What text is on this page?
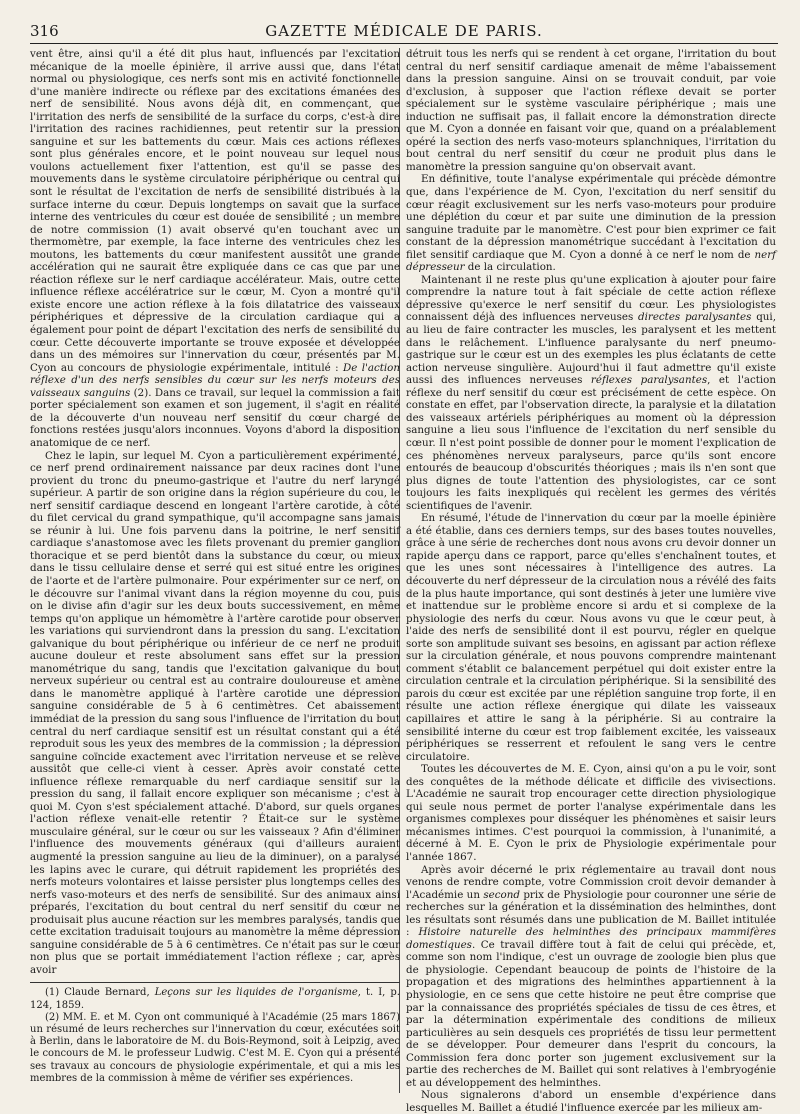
316	GAZETTE MÉDICALE DE PARIS.

vent être, ainsi qu'il a été dit plus haut, influencés par l'excitation mécanique de la moelle épinière, il arrive aussi que, dans l'état normal ou physiologique, ces nerfs sont mis en activité fonctionnelle d'une manière indirecte ou réflexe par des excitations émanées des nerf de sensibilité. Nous avons déjà dit, en commençant, que l'irritation des nerfs de sensibilité de la surface du corps, c'est-à dire l'irritation des racines rachidiennes, peut retentir sur la pression sanguine et sur les battements du cœur. Mais ces actions réflexes sont plus générales encore, et le point nouveau sur lequel nous voulons actuellement fixer l'attention, est qu'il se passe des mouvements dans le système circulatoire périphérique ou central qui sont le résultat de l'excitation de nerfs de sensibilité distribués à la surface interne du cœur. Depuis longtemps on savait que la surface interne des ventricules du cœur est douée de sensibilité ; un membre de notre commission (1) avait observé qu'en touchant avec un thermomètre, par exemple, la face interne des ventricules chez les moutons, les battements du cœur manifestent aussitôt une grande accélération qui ne saurait être expliquée dans ce cas que par une réaction réflexe sur le nerf cardiaque accélérateur. Mais, outre cette influence réflexe accélératrice sur le cœur, M. Cyon a montré qu'il existe encore une action réflexe à la fois dilatatrice des vaisseaux périphériques et dépressive de la circulation cardiaque qui a également pour point de départ l'excitation des nerfs de sensibilité du cœur. Cette découverte importante se trouve exposée et développée dans un des mémoires sur l'innervation du cœur, présentés par M. Cyon au concours de physiologie expérimentale, intitulé : De l'action réflexe d'un des nerfs sensibles du cœur sur les nerfs moteurs des vaisseaux sanguins (2). Dans ce travail, sur lequel la commission a fait porter spécialement son examen et son jugement, il s'agit en réalité de la découverte d'un nouveau nerf sensitif du cœur chargé de fonctions restées jusqu'alors inconnues. Voyons d'abord la disposition anatomique de ce nerf.

Chez le lapin, sur lequel M. Cyon a particulièrement expérimenté, ce nerf prend ordinairement naissance par deux racines dont l'une provient du tronc du pneumo-gastrique et l'autre du nerf laryngé supérieur. A partir de son origine dans la région supérieure du cou, le nerf sensitif cardiaque descend en longeant l'artère carotide, à côté du filet cervical du grand sympathique, qu'il accompagne sans jamais se réunir à lui. Une fois parvenu dans la poitrine, le nerf sensitif cardiaque s'anastomose avec les filets provenant du premier ganglion thoracique et se perd bientôt dans la substance du cœur, ou mieux dans le tissu cellulaire dense et serré qui est situé entre les origines de l'aorte et de l'artère pulmonaire. Pour expérimenter sur ce nerf, on le découvre sur l'animal vivant dans la région moyenne du cou, puis on le divise afin d'agir sur les deux bouts successivement, en même temps qu'on applique un hémomètre à l'artère carotide pour observer les variations qui surviendront dans la pression du sang. L'excitation galvanique du bout périphérique ou inférieur de ce nerf ne produit aucune douleur et reste absolument sans effet sur la pression manométrique du sang, tandis que l'excitation galvanique du bout nerveux supérieur ou central est au contraire douloureuse et amène dans le manomètre appliqué à l'artère carotide une dépression sanguine considérable de 5 à 6 centimètres. Cet abaissement immédiat de la pression du sang sous l'influence de l'irritation du bout central du nerf cardiaque sensitif est un résultat constant qui a été reproduit sous les yeux des membres de la commission ; la dépression sanguine coïncide exactement avec l'irritation nerveuse et se relève aussitôt que celle-ci vient à cesser. Après avoir constaté cette influence réflexe remarquable du nerf cardiaque sensitif sur la pression du sang, il fallait encore expliquer son mécanisme ; c'est à quoi M. Cyon s'est spécialement attaché. D'abord, sur quels organes l'action réflexe venait-elle retentir ? Était-ce sur le système musculaire général, sur le cœur ou sur les vaisseaux ? Afin d'éliminer l'influence des mouvements généraux (qui d'ailleurs auraient augmenté la pression sanguine au lieu de la diminuer), on a paralysé les lapins avec le curare, qui détruit rapidement les propriétés des nerfs moteurs volontaires et laisse persister plus longtemps celles des nerfs vaso-moteurs et des nerfs de sensibilité. Sur des animaux ainsi préparés, l'excitation du bout central du nerf sensitif du cœur ne produisait plus aucune réaction sur les membres paralysés, tandis que cette excitation traduisait toujours au manomètre la même dépression sanguine considérable de 5 à 6 centimètres. Ce n'était pas sur le cœur non plus que se portait immédiatement l'action réflexe ; car, après avoir

(1) Claude Bernard, Leçons sur les liquides de l'organisme, t. I, p. 124, 1859.

(2) MM. E. et M. Cyon ont communiqué à l'Académie (25 mars 1867) un résumé de leurs recherches sur l'innervation du cœur, exécutées soit à Berlin, dans le laboratoire de M. du Bois-Reymond, soit à Leipzig, avec le concours de M. le professeur Ludwig. C'est M. E. Cyon qui a présenté ses travaux au concours de physiologie expérimentale, et qui a mis les membres de la commission à même de vérifier ses expériences.

détruit tous les nerfs qui se rendent à cet organe, l'irritation du bout central du nerf sensitif cardiaque amenait de même l'abaissement dans la pression sanguine. Ainsi on se trouvait conduit, par voie d'exclusion, à supposer que l'action réflexe devait se porter spécialement sur le système vasculaire périphérique ; mais une induction ne suffisait pas, il fallait encore la démonstration directe que M. Cyon a donnée en faisant voir que, quand on a préalablement opéré la section des nerfs vaso-moteurs splanchniques, l'irritation du bout central du nerf sensitif du cœur ne produit plus dans le manomètre la pression sanguine qu'on observait avant.

En définitive, toute l'analyse expérimentale qui précède démontre que, dans l'expérience de M. Cyon, l'excitation du nerf sensitif du cœur réagit exclusivement sur les nerfs vaso-moteurs pour produire une déplétion du cœur et par suite une diminution de la pression sanguine traduite par le manomètre. C'est pour bien exprimer ce fait constant de la dépression manométrique succédant à l'excitation du filet sensitif cardiaque que M. Cyon a donné à ce nerf le nom de nerf dépresseur de la circulation.

Maintenant il ne reste plus qu'une explication à ajouter pour faire comprendre la nature tout à fait spéciale de cette action réflexe dépressive qu'exerce le nerf sensitif du cœur. Les physiologistes connaissent déjà des influences nerveuses directes paralysantes qui, au lieu de faire contracter les muscles, les paralysent et les mettent dans le relâchement. L'influence paralysante du nerf pneumo-gastrique sur le cœur est un des exemples les plus éclatants de cette action nerveuse singulière. Aujourd'hui il faut admettre qu'il existe aussi des influences nerveuses réflexes paralysantes, et l'action réflexe du nerf sensitif du cœur est précisément de cette espèce. On constate en effet, par l'observation directe, la paralysie et la dilatation des vaisseaux artériels périphériques au moment où la dépression sanguine a lieu sous l'influence de l'excitation du nerf sensible du cœur. Il n'est point possible de donner pour le moment l'explication de ces phénomènes nerveux paralyseurs, parce qu'ils sont encore entourés de beaucoup d'obscurités théoriques ; mais ils n'en sont que plus dignes de toute l'attention des physiologistes, car ce sont toujours les faits inexpliqués qui recèlent les germes des vérités scientifiques de l'avenir.

En résumé, l'étude de l'innervation du cœur par la moelle épinière a été établie, dans ces derniers temps, sur des bases toutes nouvelles, grâce à une série de recherches dont nous avons cru devoir donner un rapide aperçu dans ce rapport, parce qu'elles s'enchaînent toutes, et que les unes sont nécessaires à l'intelligence des autres. La découverte du nerf dépresseur de la circulation nous a révélé des faits de la plus haute importance, qui sont destinés à jeter une lumière vive et inattendue sur le problème encore si ardu et si complexe de la physiologie des nerfs du cœur. Nous avons vu que le cœur peut, à l'aide des nerfs de sensibilité dont il est pourvu, régler en quelque sorte son amplitude suivant ses besoins, en agissant par action réflexe sur la circulation générale, et nous pouvons comprendre maintenant comment s'établit ce balancement perpétuel qui doit exister entre la circulation centrale et la circulation périphérique. Si la sensibilité des parois du cœur est excitée par une réplétion sanguine trop forte, il en résulte une action réflexe énergique qui dilate les vaisseaux capillaires et attire le sang à la périphérie. Si au contraire la sensibilité interne du cœur est trop faiblement excitée, les vaisseaux périphériques se resserrent et refoulent le sang vers le centre circulatoire.

Toutes les découvertes de M. E. Cyon, ainsi qu'on a pu le voir, sont des conquêtes de la méthode délicate et difficile des vivisections. L'Académie ne saurait trop encourager cette direction physiologique qui seule nous permet de porter l'analyse expérimentale dans les organismes complexes pour disséquer les phénomènes et saisir leurs mécanismes intimes. C'est pourquoi la commission, à l'unanimité, a décerné à M. E. Cyon le prix de Physiologie expérimentale pour l'année 1867.

Après avoir décerné le prix réglementaire au travail dont nous venons de rendre compte, votre Commission croit devoir demander à l'Académie un second prix de Physiologie pour couronner une série de recherches sur la génération et la dissémination des helminthes, dont les résultats sont résumés dans une publication de M. Baillet intitulée : Histoire naturelle des helminthes des principaux mammifères domestiques. Ce travail diffère tout à fait de celui qui précède, et, comme son nom l'indique, c'est un ouvrage de zoologie bien plus que de physiologie. Cependant beaucoup de points de l'histoire de la propagation et des migrations des helminthes appartiennent à la physiologie, en ce sens que cette histoire ne peut être comprise que par la connaissance des propriétés spéciales de tissu de ces êtres, et par la détermination expérimentale des conditions de milieux particulières au sein desquels ces propriétés de tissu leur permettent de se développer. Pour demeurer dans l'esprit du concours, la Commission fera donc porter son jugement exclusivement sur la partie des recherches de M. Baillet qui sont relatives à l'embryogénie et au développement des helminthes.

Nous signalerons d'abord un ensemble d'expérience dans lesquelles M. Baillet a étudié l'influence exercée par les milieux am-
